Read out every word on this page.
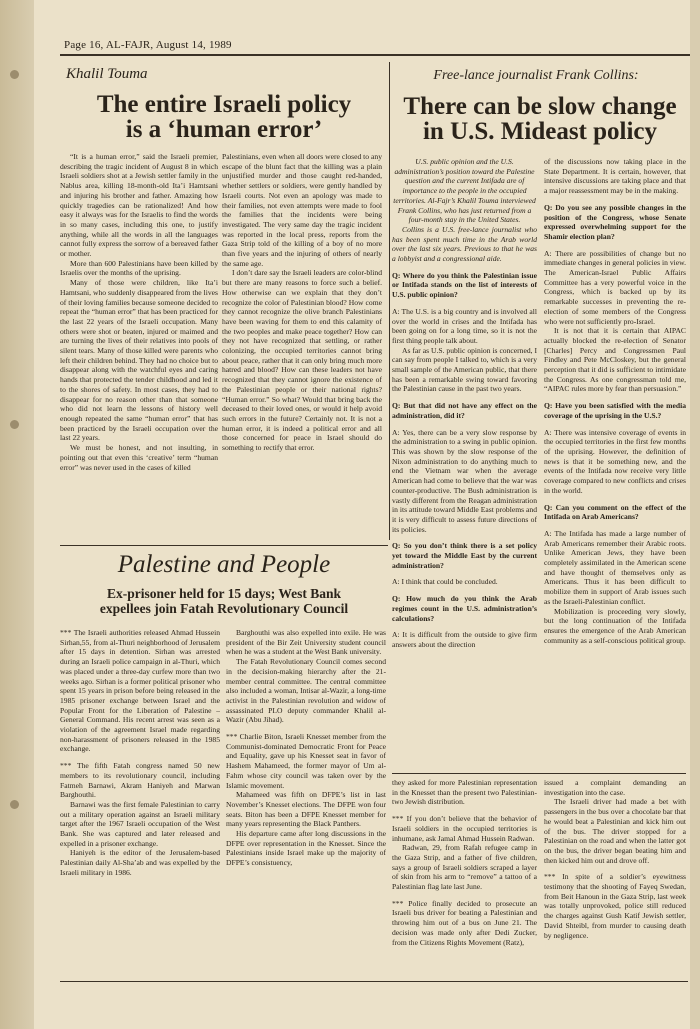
Page 16, AL-FAJR, August 14, 1989
Khalil Touma
The entire Israeli policy
is a ‘human error’

“It is a human error,” said the Israeli premier, describing the tragic incident of August 8 in which Israeli soldiers shot at a Jewish settler family in the Nablus area, killing 18-month-old Ita’i Hamtsani and injuring his brother and father. Amazing how quickly tragedies can be rationalized! And how easy it always was for the Israelis to find the words in so many cases, including this one, to justify anything, while all the words in all the languages cannot fully express the sorrow of a bereaved father or mother.

More than 600 Palestinians have been killed by Israelis over the months of the uprising.

Many of those were children, like Ita’i Hamtsani, who suddenly disappeared from the lives of their loving families because someone decided to repeat the “human error” that has been practiced for the last 22 years of the Israeli occupation. Many others were shot or beaten, injured or maimed and are turning the lives of their relatives into pools of silent tears. Many of those killed were parents who left their children behind. They had no choice but to disappear along with the watchful eyes and caring hands that protected the tender childhood and led it to the shores of safety. In most cases, they had to disappear for no reason other than that someone who did not learn the lessons of history well enough repeated the same “human error” that has been practiced by the Israeli occupation over the last 22 years.

We must be honest, and not insulting, in pointing out that even this ‘creative’ term “human error” was never used in the cases of killed

Palestinians, even when all doors were closed to any escape of the blunt fact that the killing was a plain unjustified murder and those caught red-handed, whether settlers or soldiers, were gently handled by Israeli courts. Not even an apology was made to their families, not even attempts were made to fool the families that the incidents were being investigated. The very same day the tragic incident was reported in the local press, reports from the Gaza Strip told of the killing of a boy of no more than five years and the injuring of others of nearly the same age.

I don’t dare say the Israeli leaders are color-blind but there are many reasons to force such a belief. How otherwise can we explain that they don’t recognize the color of Palestinian blood? How come they cannot recognize the olive branch Palestinians have been waving for them to end this calamity of the two peoples and make peace together? How can they not have recognized that settling, or rather colonizing, the occupied territories cannot bring about peace, rather that it can only bring much more hatred and blood? How can these leaders not have recognized that they cannot ignore the existence of the Palestinian people or their national rights? “Human error.” So what? Would that bring back the deceased to their loved ones, or would it help avoid such errors in the future? Certainly not. It is not a human error, it is indeed a political error and all those concerned for peace in Israel should do something to rectify that error.

Free-lance journalist Frank Collins:
There can be slow change
in U.S. Mideast policy

U.S. public opinion and the U.S. administration’s position toward the Palestine question and the current Intifada are of importance to the people in the occupied territories. Al-Fajr’s Khalil Touma interviewed Frank Collins, who has just returned from a four-month stay in the United States.

Collins is a U.S. free-lance journalist who has been spent much time in the Arab world over the last six years. Previous to that he was a lobbyist and a congressional aide.

Q: Where do you think the Palestinian issue or Intifada stands on the list of interests of U.S. public opinion?

A: The U.S. is a big country and is involved all over the world in crises and the Intifada has been going on for a long time, so it is not the first thing people talk about.

As far as U.S. public opinion is concerned, I can say from people I talked to, which is a very small sample of the American public, that there has been a remarkable swing toward favoring the Palestinian cause in the past two years.

Q: But that did not have any effect on the administration, did it?

A: Yes, there can be a very slow response by the administration to a swing in public opinion. This was shown by the slow response of the Nixon administration to do anything much to end the Vietnam war when the average American had come to believe that the war was counter-productive. The Bush administration is vastly different from the Reagan administration in its attitude toward Middle East problems and it is very difficult to assess future directions of its policies.

Q: So you don’t think there is a set policy yet toward the Middle East by the current administration?

A: I think that could be concluded.

Q: How much do you think the Arab regimes count in the U.S. administration’s calculations?

A: It is difficult from the outside to give firm answers about the direction

of the discussions now taking place in the State Department. It is certain, however, that intensive discussions are taking place and that a major reassessment may be in the making.

Q: Do you see any possible changes in the position of the Congress, whose Senate expressed overwhelming support for the Shamir election plan?

A: There are possibilities of change but no immediate changes in general policies in view. The American-Israel Public Affairs Committee has a very powerful voice in the Congress, which is backed up by its remarkable successes in preventing the re-election of some members of the Congress who were not sufficiently pro-Israel.

It is not that it is certain that AIPAC actually blocked the re-election of Senator [Charles] Percy and Congressmen Paul Findley and Pete McCloskey, but the general perception that it did is sufficient to intimidate the Congress. As one congressman told me, “AIPAC rules more by fear than persuasion.”

Q: Have you been satisfied with the media coverage of the uprising in the U.S.?

A: There was intensive coverage of events in the occupied territories in the first few months of the uprising. However, the definition of news is that it be something new, and the events of the Intifada now receive very little coverage compared to new conflicts and crises in the world.

Q: Can you comment on the effect of the Intifada on Arab Americans?

A: The Intifada has made a large number of Arab Americans remember their Arabic roots. Unlike American Jews, they have been completely assimilated in the American scene and have thought of themselves only as Americans. Thus it has been difficult to mobilize them in support of Arab issues such as the Israeli-Palestinian conflict.

Mobilization is proceeding very slowly, but the long continuation of the Intifada ensures the emergence of the Arab American community as a self-conscious political group.

Palestine and People
Ex-prisoner held for 15 days; West Bank
expellees join Fatah Revolutionary Council

*** The Israeli authorities released Ahmad Hussein Sirhan,55, from al-Thuri neighborhood of Jerusalem after 15 days in detention. Sirhan was arrested during an Israeli police campaign in al-Thuri, which was placed under a three-day curfew more than two weeks ago. Sirhan is a former political prisoner who spent 15 years in prison before being released in the 1985 prisoner exchange between Israel and the Popular Front for the Liberation of Palestine – General Command. His recent arrest was seen as a violation of the agreement Israel made regarding non-harassment of prisoners released in the 1985 exchange.

*** The fifth Fatah congress named 50 new members to its revolutionary council, including Fatmeh Barnawi, Akram Haniyeh and Marwan Barghouthi.

Barnawi was the first female Palestinian to carry out a military operation against an Israeli military target after the 1967 Israeli occupation of the West Bank. She was captured and later released and expelled in a prisoner exchange.

Haniyeh is the editor of the Jerusalem-based Palestinian daily Al-Sha’ab and was expelled by the Israeli military in 1986.

Barghouthi was also expelled into exile. He was president of the Bir Zeit University student council when he was a student at the West Bank university.

The Fatah Revolutionary Council comes second in the decision-making hierarchy after the 21-member central committee. The central committee also included a woman, Intisar al-Wazir, a long-time activist in the Palestinian revolution and widow of assassinated PLO deputy commander Khalil al-Wazir (Abu Jihad).

*** Charlie Biton, Israeli Knesset member from the Communist-dominated Democratic Front for Peace and Equality, gave up his Knesset seat in favor of Hashem Mahameed, the former mayor of Um al-Fahm whose city council was taken over by the Islamic movement.

Mahameed was fifth on DFPE’s list in last November’s Knesset elections. The DFPE won four seats. Biton has been a DFPE Knesset member for many years representing the Black Panthers.

His departure came after long discussions in the DFPE over representation in the Knesset. Since the Palestinians inside Israel make up the majority of DFPE’s consistuency,

they asked for more Palestinian representation in the Knesset than the present two Palestinian-two Jewish distribution.

*** If you don’t believe that the behavior of Israeli soldiers in the occupied territories is inhumane, ask Jamal Ahmad Hussein Radwan.

Radwan, 29, from Rafah refugee camp in the Gaza Strip, and a father of five children, says a group of Israeli soldiers scraped a layer of skin from his arm to “remove” a tattoo of a Palestinian flag late last June.

*** Police finally decided to prosecute an Israeli bus driver for beating a Palestinian and throwing him out of a bus on June 21. The decision was made only after Dedi Zucker, from the Citizens Rights Movement (Ratz),

issued a complaint demanding an investigation into the case.

The Israeli driver had made a bet with passengers in the bus over a chocolate bar that he would beat a Palestinian and kick him out of the bus. The driver stopped for a Palestinian on the road and when the latter got on the bus, the driver began beating him and then kicked him out and drove off.

*** In spite of a soldier’s eyewitness testimony that the shooting of Fayeq Swedan, from Beit Hanoun in the Gaza Strip, last week was totally unprovoked, police still reduced the charges against Gush Katif Jewish settler, David Shteibl, from murder to causing death by negligence.
